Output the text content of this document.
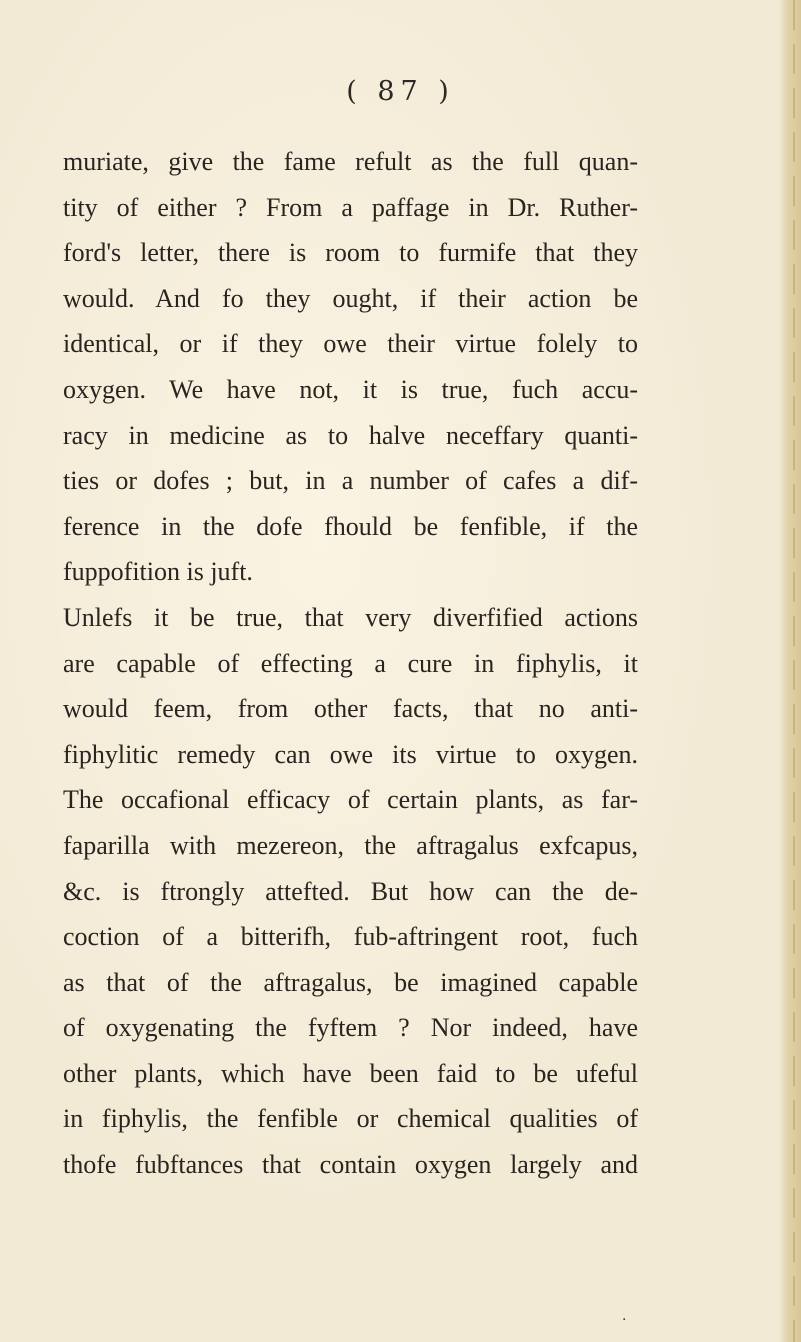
( 87 )
muriate, give the fame refult as the full quan-
tity of either ? From a paffage in Dr. Ruther-
ford's letter, there is room to furmife that they
would. And fo they ought, if their action be
identical, or if they owe their virtue folely to
oxygen. We have not, it is true, fuch accu-
racy in medicine as to halve neceffary quanti-
ties or dofes ; but, in a number of cafes a dif-
ference in the dofe fhould be fenfible, if the
fuppofition is juft.
Unlefs it be true, that very diverfified actions
are capable of effecting a cure in fiphylis, it
would feem, from other facts, that no anti-
fiphylitic remedy can owe its virtue to oxygen.
The occafional efficacy of certain plants, as far-
faparilla with mezereon, the aftragalus exfcapus,
&c. is ftrongly attefted. But how can the de-
coction of a bitterifh, fub-aftringent root, fuch
as that of the aftragalus, be imagined capable
of oxygenating the fyftem ? Nor indeed, have
other plants, which have been faid to be ufeful
in fiphylis, the fenfible or chemical qualities of
thofe fubftances that contain oxygen largely and
·
